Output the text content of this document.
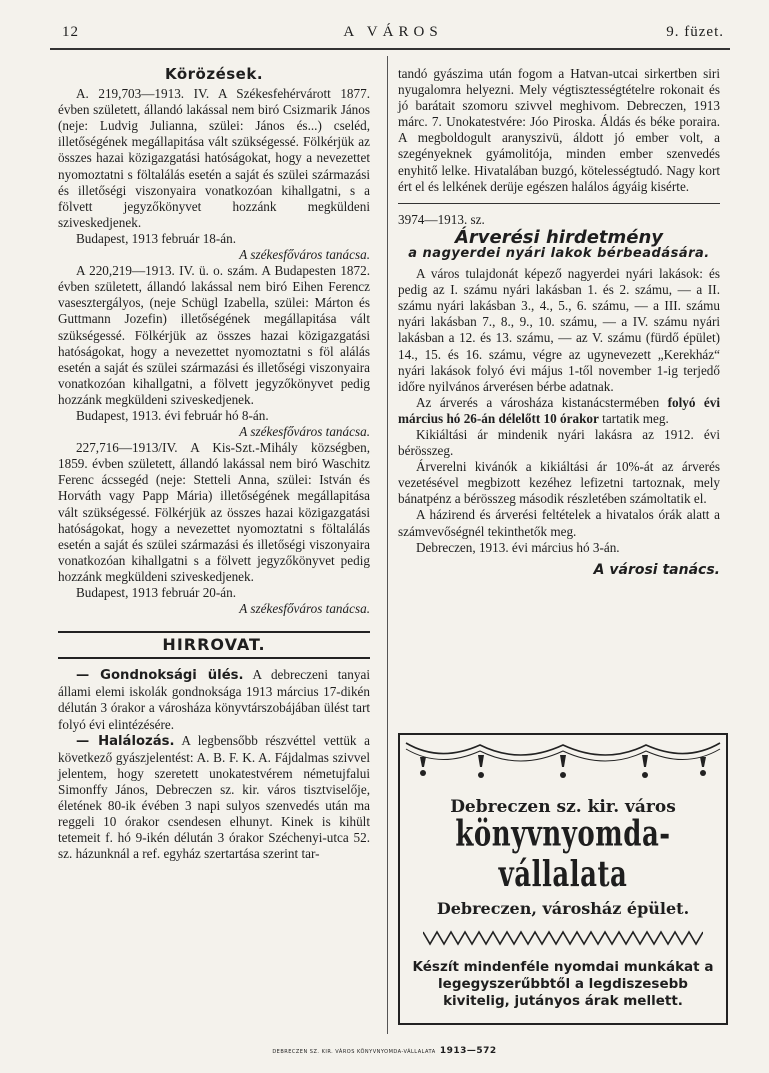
12	A VÁROS	9. füzet.
Körözések.

A. 219,703—1913. IV. A Székesfehérvárott 1877. évben született, állandó lakással nem biró Csizmarik János (neje: Ludvig Julianna, szülei: János és...) cseléd, illetőségének megállapitása vált szükségessé. Fölkérjük az összes hazai közigazgatási hatóságokat, hogy a nevezettet nyomoztatni s föltalálás esetén a saját és szülei származási és illetőségi viszonyaira vonatkozóan kihallgatni, s a fölvett jegyzőkönyvet hozzánk megküldeni sziveskedjenek.

Budapest, 1913 február 18-án.

A székesfőváros tanácsa.

A 220,219—1913. IV. ü. o. szám. A Budapesten 1872. évben született, állandó lakással nem biró Eihen Ferencz vasesztergályos, (neje Schügl Izabella, szülei: Márton és Guttmann Jozefin) illetőségének megállapitása vált szükségessé. Fölkérjük az összes hazai közigazgatási hatóságokat, hogy a nevezettet nyomoztatni s föl alálás esetén a saját és szülei származási és illetőségi viszonyaira vonatkozóan kihallgatni, a fölvett jegyzőkönyvet pedig hozzánk megküldeni sziveskedjenek.

Budapest, 1913. évi február hó 8-án.

A székesfőváros tanácsa.

227,716—1913/IV. A Kis-Szt.-Mihály községben, 1859. évben született, állandó lakással nem biró Waschitz Ferenc ácssegéd (neje: Stetteli Anna, szülei: István és Horváth vagy Papp Mária) illetőségének megállapitása vált szükségessé. Fölkérjük az összes hazai közigazgatási hatóságokat, hogy a nevezettet nyomoztatni s föltalálás esetén a saját és szülei származási és illetőségi viszonyaira vonatkozóan kihallgatni s a fölvett jegyzőkönyvet pedig hozzánk megküldeni sziveskedjenek.

Budapest, 1913 február 20-án.

A székesfőváros tanácsa.

HIRROVAT.

— Gondnoksági ülés. A debreczeni tanyai állami elemi iskolák gondnoksága 1913 március 17-dikén délután 3 órakor a városháza könyvtárszobájában ülést tart folyó évi elintézésére.

— Halálozás. A legbensőbb részvéttel vettük a következő gyászjelentést: A. B. F. K. A. Fájdalmas szivvel jelentem, hogy szeretett unokatestvérem németujfalui Simonffy János, Debreczen sz. kir. város tisztviselője, életének 80-ik évében 3 napi sulyos szenvedés után ma reggeli 10 órakor csendesen elhunyt. Kinek is kihült tetemeit f. hó 9-ikén délután 3 órakor Széchenyi-utca 52. sz. házunknál a ref. egyház szertartása szerint tar-

tandó gyászima után fogom a Hatvan-utcai sirkertben siri nyugalomra helyezni. Mely végtisztességtételre rokonait és jó barátait szomoru szivvel meghivom. Debreczen, 1913 márc. 7. Unokatestvére: Jóo Piroska. Áldás és béke poraira. A megboldogult aranyszivü, áldott jó ember volt, a szegényeknek gyámolitója, minden ember szenvedés enyhitő lelke. Hivatalában buzgó, kötelességtudó. Nagy kort ért el és lelkének derüje egészen halálos ágyáig kisérte.

3974—1913. sz.

Árverési hirdetmény
a nagyerdei nyári lakok bérbeadására.

A város tulajdonát képező nagyerdei nyári lakások: és pedig az I. számu nyári lakásban 1. és 2. számu, — a II. számu nyári lakásban 3., 4., 5., 6. számu, — a III. számu nyári lakásban 7., 8., 9., 10. számu, — a IV. számu nyári lakásban a 12. és 13. számu, — az V. számu (fürdő épület) 14., 15. és 16. számu, végre az ugynevezett „Kerekház“ nyári lakások folyó évi május 1-től november 1-ig terjedő időre nyilvános árverésen bérbe adatnak.

Az árverés a városháza kistanácstermében folyó évi március hó 26-án délelőtt 10 órakor tartatik meg.

Kikiáltási ár mindenik nyári lakásra az 1912. évi bérösszeg.

Árverelni kivánók a kikiáltási ár 10%-át az árverés vezetésével megbizott kezéhez lefizetni tartoznak, mely bánatpénz a bérösszeg második részletében számoltatik el.

A házirend és árverési feltételek a hivatalos órák alatt a számvevőségnél tekinthetők meg.

Debreczen, 1913. évi március hó 3-án.

A városi tanács.
Debreczen sz. kir. város
könyvnyomda-vállalata
Debreczen, városház épület.
Készít mindenféle nyomdai munkákat a legegyszerűbbtől a legdiszesebb kivitelig, jutányos árak mellett.
DEBRECZEN SZ. KIR. VÁROS KÖNYVNYOMDA-VÁLLALATA 1913—572
